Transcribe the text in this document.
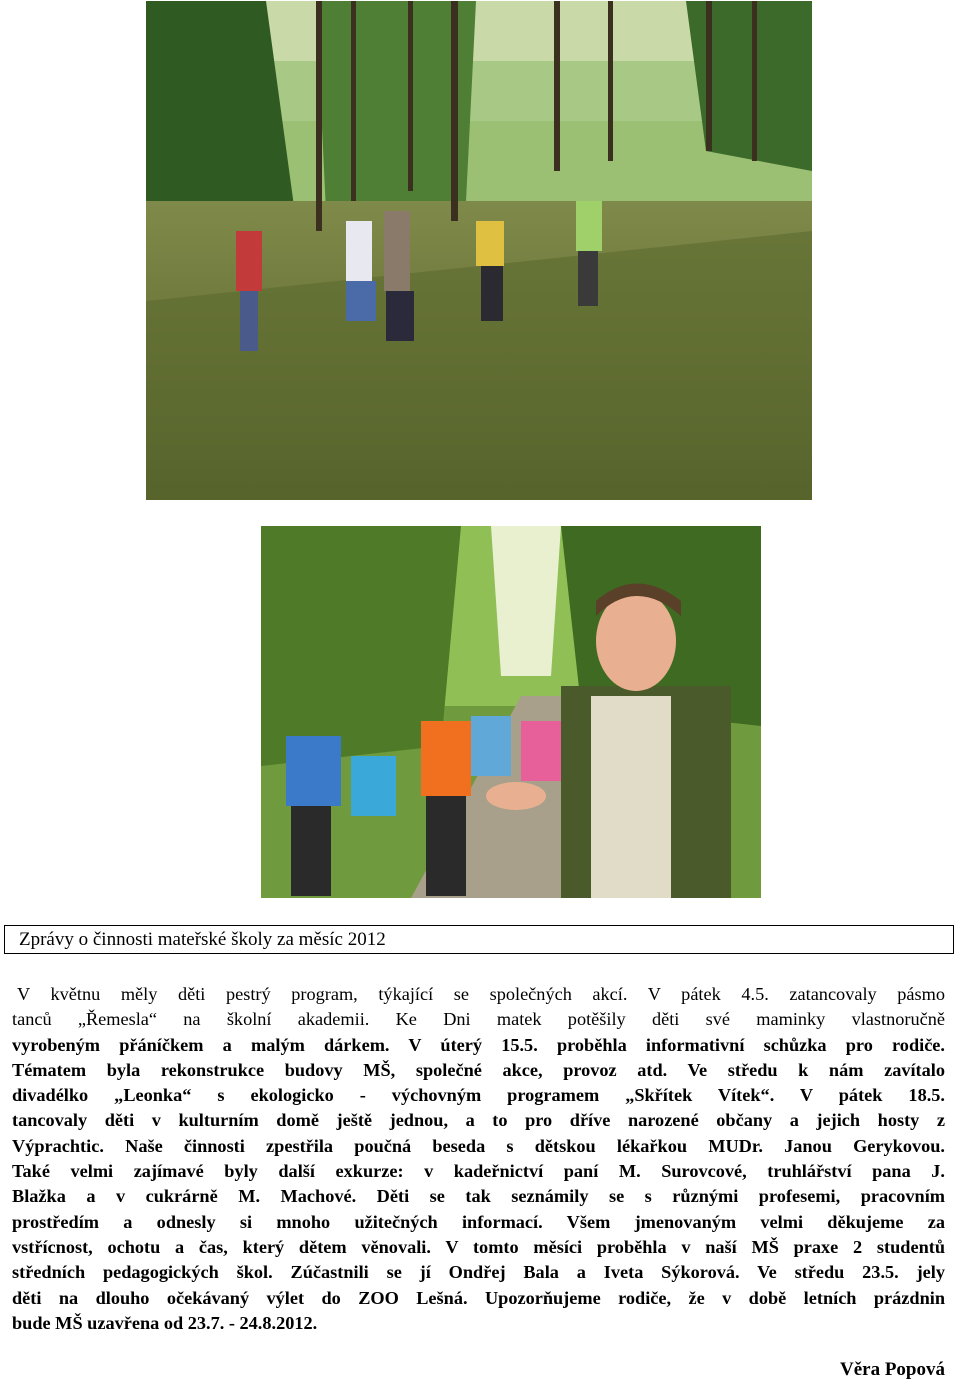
Zprávy o činnosti mateřské školy za měsíc 2012
V květnu měly děti pestrý program, týkající se společných akcí. V pátek 4.5. zatancovaly pásmo
tanců „Řemesla“ na školní akademii. Ke Dni matek potěšily děti své maminky vlastnoručně
vyrobeným přáníčkem a malým dárkem. V úterý 15.5. proběhla informativní schůzka pro rodiče.
Tématem byla rekonstrukce budovy MŠ, společné akce, provoz atd. Ve středu k nám zavítalo
divadélko „Leonka“ s ekologicko - výchovným programem „Skřítek Vítek“. V pátek 18.5.
tancovaly děti v kulturním domě ještě jednou, a to pro dříve narozené občany a jejich hosty z
Výprachtic. Naše činnosti zpestřila poučná beseda s dětskou lékařkou MUDr. Janou Gerykovou.
Také velmi zajímavé byly další exkurze: v kadeřnictví paní M. Surovcové, truhlářství pana J.
Blažka a v cukrárně M. Machové. Děti se tak seznámily se s různými profesemi, pracovním
prostředím a odnesly si mnoho užitečných informací. Všem jmenovaným velmi děkujeme za
vstřícnost, ochotu a čas, který dětem věnovali. V tomto měsíci proběhla v naší MŠ praxe 2 studentů
středních pedagogických škol. Zúčastnili se jí Ondřej Bala a Iveta Sýkorová. Ve středu 23.5. jely
děti na dlouho očekávaný výlet do ZOO Lešná. Upozorňujeme rodiče, že v době letních prázdnin
bude MŠ uzavřena od 23.7. - 24.8.2012.
Věra Popová
